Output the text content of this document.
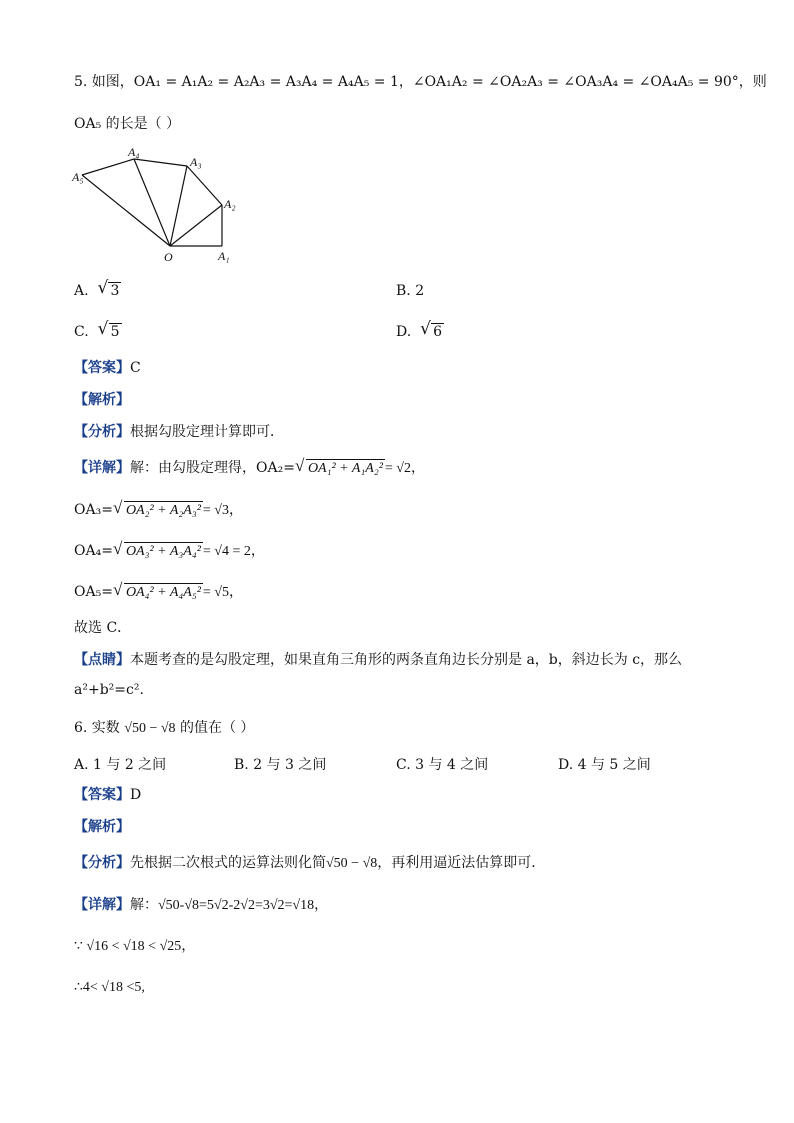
5. 如图，OA₁ = A₁A₂ = A₂A₃ = A₃A₄ = A₄A₅ = 1，∠OA₁A₂ = ∠OA₂A₃ = ∠OA₃A₄ = ∠OA₄A₅ = 90°，则
OA₅ 的长是（ ）
A₁
A₂
A₃
A₄
A₅
O
A. √ 3	B. 2
C. √ 5	D. √ 6
【答案】C
【解析】
【分析】根据勾股定理计算即可．
【详解】解：由勾股定理得，OA₂= √ OA₁² + A₁A₂² = √2，
OA₃= √ OA₂² + A₂A₃² = √3，
OA₄= √ OA₃² + A₃A₄² = √4 = 2，
OA₅= √ OA₄² + A₄A₅² = √5，
故选 C．
【点睛】本题考查的是勾股定理，如果直角三角形的两条直角边长分别是 a，b，斜边长为 c，那么
a²+b²=c².
6. 实数 √50 − √8 的值在（ ）
A. 1 与 2 之间	B. 2 与 3 之间	C. 3 与 4 之间	D. 4 与 5 之间
【答案】D
【解析】
【分析】先根据二次根式的运算法则化简√50 − √8，再利用逼近法估算即可．
【详解】解：√50-√8=5√2-2√2=3√2=√18，
∵ √16 < √18 < √25，
∴4< √18 <5,
